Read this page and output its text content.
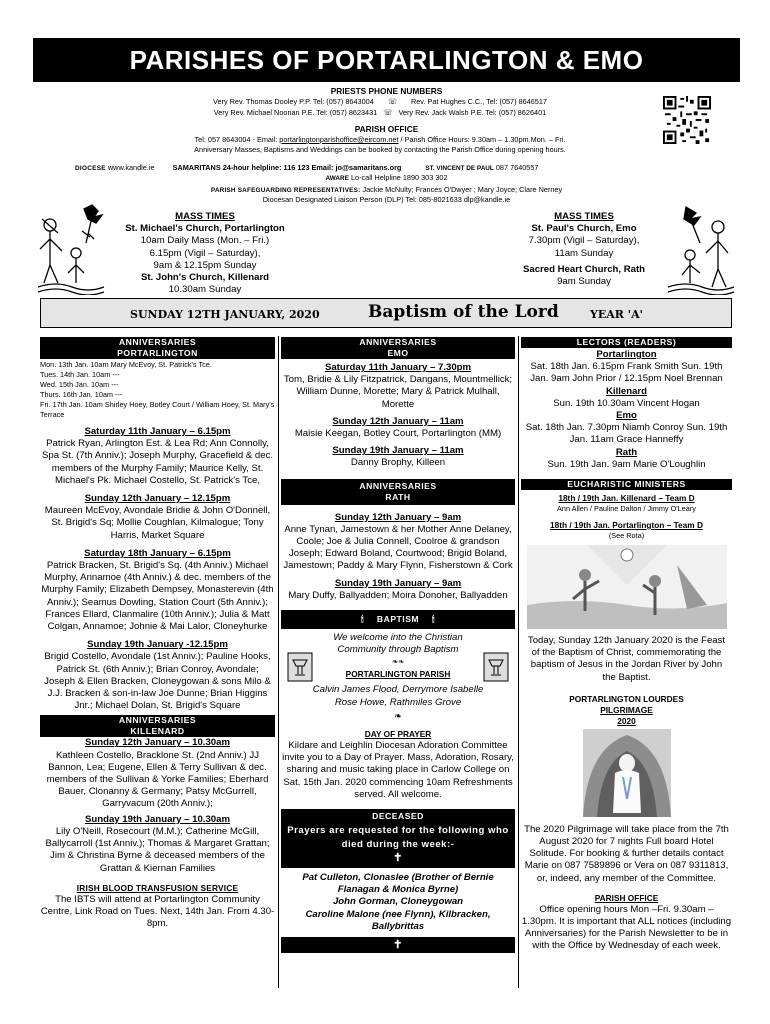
PARISHES OF PORTARLINGTON & EMO
PRIESTS PHONE NUMBERS
Very Rev. Thomas Dooley P.P. Tel: (057) 8643004 ☏ Rev. Pat Hughes C.C., Tel: (057) 8646517
Very Rev. Michael Noonan P.E. Tel: (057) 8623431 ☏ Very Rev. Jack Walsh P.E. Tel: (057) 8626401
PARISH OFFICE
Tel: 057 8643004 - Email: portarlingtonparishoffice@eircom.net / Parish Office Hours: 9.30am – 1.30pm Mon. – Fri.
Anniversary Masses, Baptisms and Weddings can be booked by contacting the Parish Office during opening hours.
DIOCESE www.kandle.ie SAMARITANS 24-hour helpline: 116 123 Email: jo@samaritans.org	ST. VINCENT DE PAUL 087 7640557
AWARE Lo-call Helpline 1890 303 302
PARISH SAFEGUARDING REPRESENTATIVES: Jackie McNulty; Frances O'Dwyer ; Mary Joyce; Clare Nerney
Diocesan Designated Liaison Person (DLP) Tel: 085-8021633 dlp@kandle.ie
MASS TIMES
St. Michael's Church, Portarlington
10am Daily Mass (Mon. – Fri.)
6.15pm (Vigil – Saturday),
9am & 12.15pm Sunday
St. John's Church, Killenard
10.30am Sunday
MASS TIMES
St. Paul's Church, Emo
7.30pm (Vigil – Saturday),
11am Sunday
Sacred Heart Church, Rath
9am Sunday
SUNDAY 12TH JANUARY, 2020	Baptism of the Lord	YEAR 'A'
ANNIVERSARIES
PORTARLINGTON
Mon. 13th Jan. 10am Mary McEvoy, St. Patrick's Tce.
Tues. 14th Jan. 10am ---
Wed. 15th Jan. 10am ---
Thurs. 16th Jan. 10am ---
Fri. 17th Jan. 10am Shirley Hoey, Botley Court / William Hoey, St. Mary's Terrace
Saturday 11th January – 6.15pm
Patrick Ryan, Arlington Est. & Lea Rd; Ann Connolly, Spa St. (7th Anniv.); Joseph Murphy, Gracefield & dec. members of the Murphy Family; Maurice Kelly, St. Michael's Pk. Michael Costello, St. Patrick's Tce,
Sunday 12th January – 12.15pm
Maureen McEvoy, Avondale Bridie & John O'Donnell, St. Brigid's Sq; Mollie Coughlan, Kilmalogue; Tony Harris, Market Square
Saturday 18th January – 6.15pm
Patrick Bracken, St. Brigid's Sq. (4th Anniv.) Michael Murphy, Annamoe (4th Anniv.) & dec. members of the Murphy Family; Elizabeth Dempsey, Monasterevin (4th Anniv.); Seamus Dowling, Station Court (5th Anniv.); Frances Ellard, Clanmalire (10th Anniv.); Julia & Matt Colgan, Annamoe; Johnie & Mai Lalor, Cloneyhurke
Sunday 19th January -12.15pm
Brigid Costello, Avondale (1st Anniv.); Pauline Hooks, Patrick St. (6th Anniv.); Brian Conroy, Avondale; Joseph & Ellen Bracken, Cloneygowan & sons Milo & J.J. Bracken & son-in-law Joe Dunne; Brian Higgins Jnr.; Michael Dolan, St. Brigid's Square
ANNIVERSARIES
KILLENARD
Sunday 12th January – 10.30am
Kathleen Costello, Bracklone St. (2nd Anniv.) JJ Bannon, Lea; Eugene, Ellen & Terry Sullivan & dec. members of the Sullivan & Yorke Families; Eberhard Bauer, Clonanny & Germany; Patsy McGurrell, Garryvacum (20th Anniv.);
Sunday 19th January – 10.30am
Lily O'Neill, Rosecourt (M.M.); Catherine McGill, Ballycarroll (1st Anniv.); Thomas & Margaret Grattan; Jim & Christina Byrne & deceased members of the Grattan & Kiernan Families
IRISH BLOOD TRANSFUSION SERVICE
The IBTS will attend at Portarlington Community Centre, Link Road on Tues. Next, 14th Jan. From 4.30-8pm.
ANNIVERSARIES
EMO
Saturday 11th January – 7.30pm
Tom, Bridie & Lily Fitzpatrick, Dangans, Mountmellick; William Dunne, Morette; Mary & Patrick Mulhall, Morette
Sunday 12th January – 11am
Maisie Keegan, Botley Court, Portarlington (MM)
Sunday 19th January – 11am
Danny Brophy, Killeen
ANNIVERSARIES
RATH
Sunday 12th January – 9am
Anne Tynan, Jamestown & her Mother Anne Delaney, Coole; Joe & Julia Connell, Coolroe & grandson Joseph; Edward Boland, Courtwood; Brigid Boland, Jamestown; Paddy & Mary Flynn, Fisherstown & Cork
Sunday 19th January – 9am
Mary Duffy, Ballyadden; Moira Donoher, Ballyadden
🕯 BAPTISM 🕯
We welcome into the Christian Community through Baptism
❧❧
PORTARLINGTON PARISH
Calvin James Flood, Derrymore Isabelle Rose Howe, Rathmiles Grove
❧
DAY OF PRAYER
Kildare and Leighlin Diocesan Adoration Committee invite you to a Day of Prayer. Mass, Adoration, Rosary, sharing and music taking place in Carlow College on Sat. 15th Jan. 2020 commencing 10am Refreshments served. All welcome.
DECEASED
Prayers are requested for the following who died during the week:-
✝
Pat Culleton, Clonaslee (Brother of Bernie Flanagan & Monica Byrne)
John Gorman, Cloneygowan
Caroline Malone (nee Flynn), Kilbracken, Ballybrittas
✝
LECTORS (READERS)
Portarlington
Sat. 18th Jan. 6.15pm Frank Smith Sun. 19th Jan. 9am John Prior / 12.15pm Noel Brennan
Killenard
Sun. 19th 10.30am Vincent Hogan
Emo
Sat. 18th Jan. 7.30pm Niamh Conroy Sun. 19th Jan. 11am Grace Hanneffy
Rath
Sun. 19th Jan. 9am Marie O'Loughlin
EUCHARISTIC MINISTERS
18th / 19th Jan. Killenard – Team D
Ann Allen / Pauline Dalton / Jimmy O'Leary
18th / 19th Jan. Portarlington – Team D
(See Rota)
Today, Sunday 12th January 2020 is the Feast of the Baptism of Christ, commemorating the baptism of Jesus in the Jordan River by John the Baptist.
PORTARLINGTON LOURDES
PILGRIMAGE
2020
The 2020 Pilgrimage will take place from the 7th August 2020 for 7 nights Full board Hotel Solitude. For booking & further details contact Marie on 087 7589896 or Vera on 087 9311813, or, indeed, any member of the Committee.
PARISH OFFICE
Office opening hours Mon –Fri. 9.30am – 1.30pm. It is important that ALL notices (including Anniversaries) for the Parish Newsletter to be in with the Office by Wednesday of each week.
